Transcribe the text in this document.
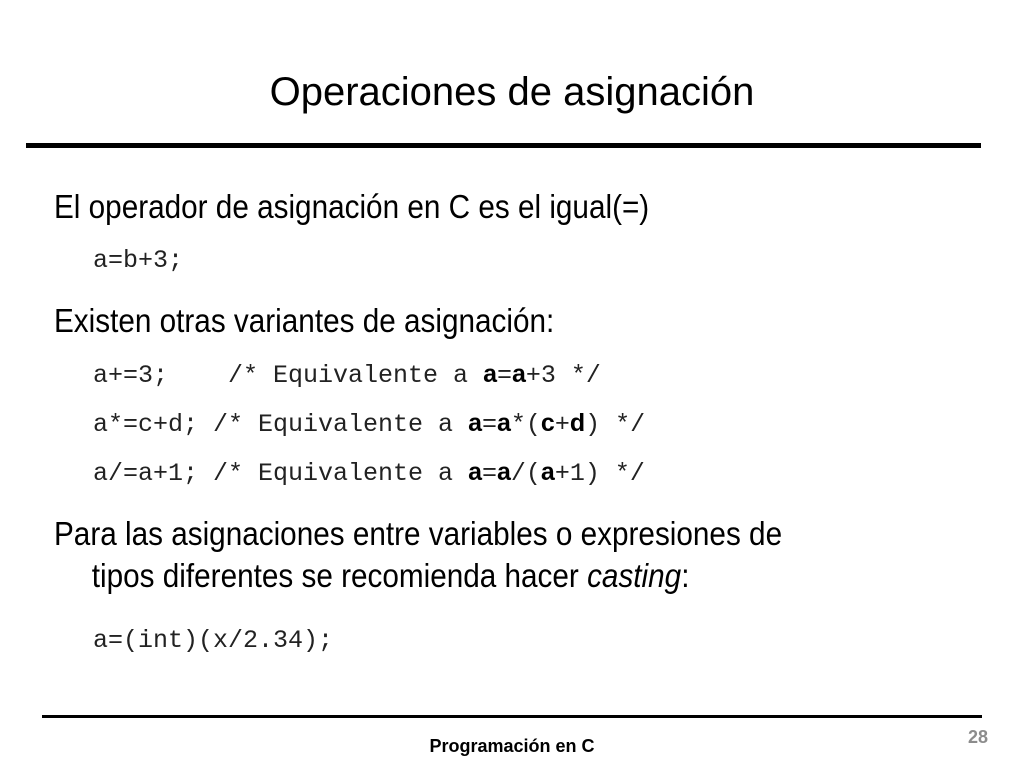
Operaciones de asignación
El operador de asignación en C es el igual(=)
a=b+3;
Existen otras variantes de asignación:
a+=3;    /* Equivalente a a=a+3 */
a*=c+d; /* Equivalente a a=a*(c+d) */
a/=a+1; /* Equivalente a a=a/(a+1) */
Para las asignaciones entre variables o expresiones de
tipos diferentes se recomienda hacer casting:
a=(int)(x/2.34);
Programación en C	28
